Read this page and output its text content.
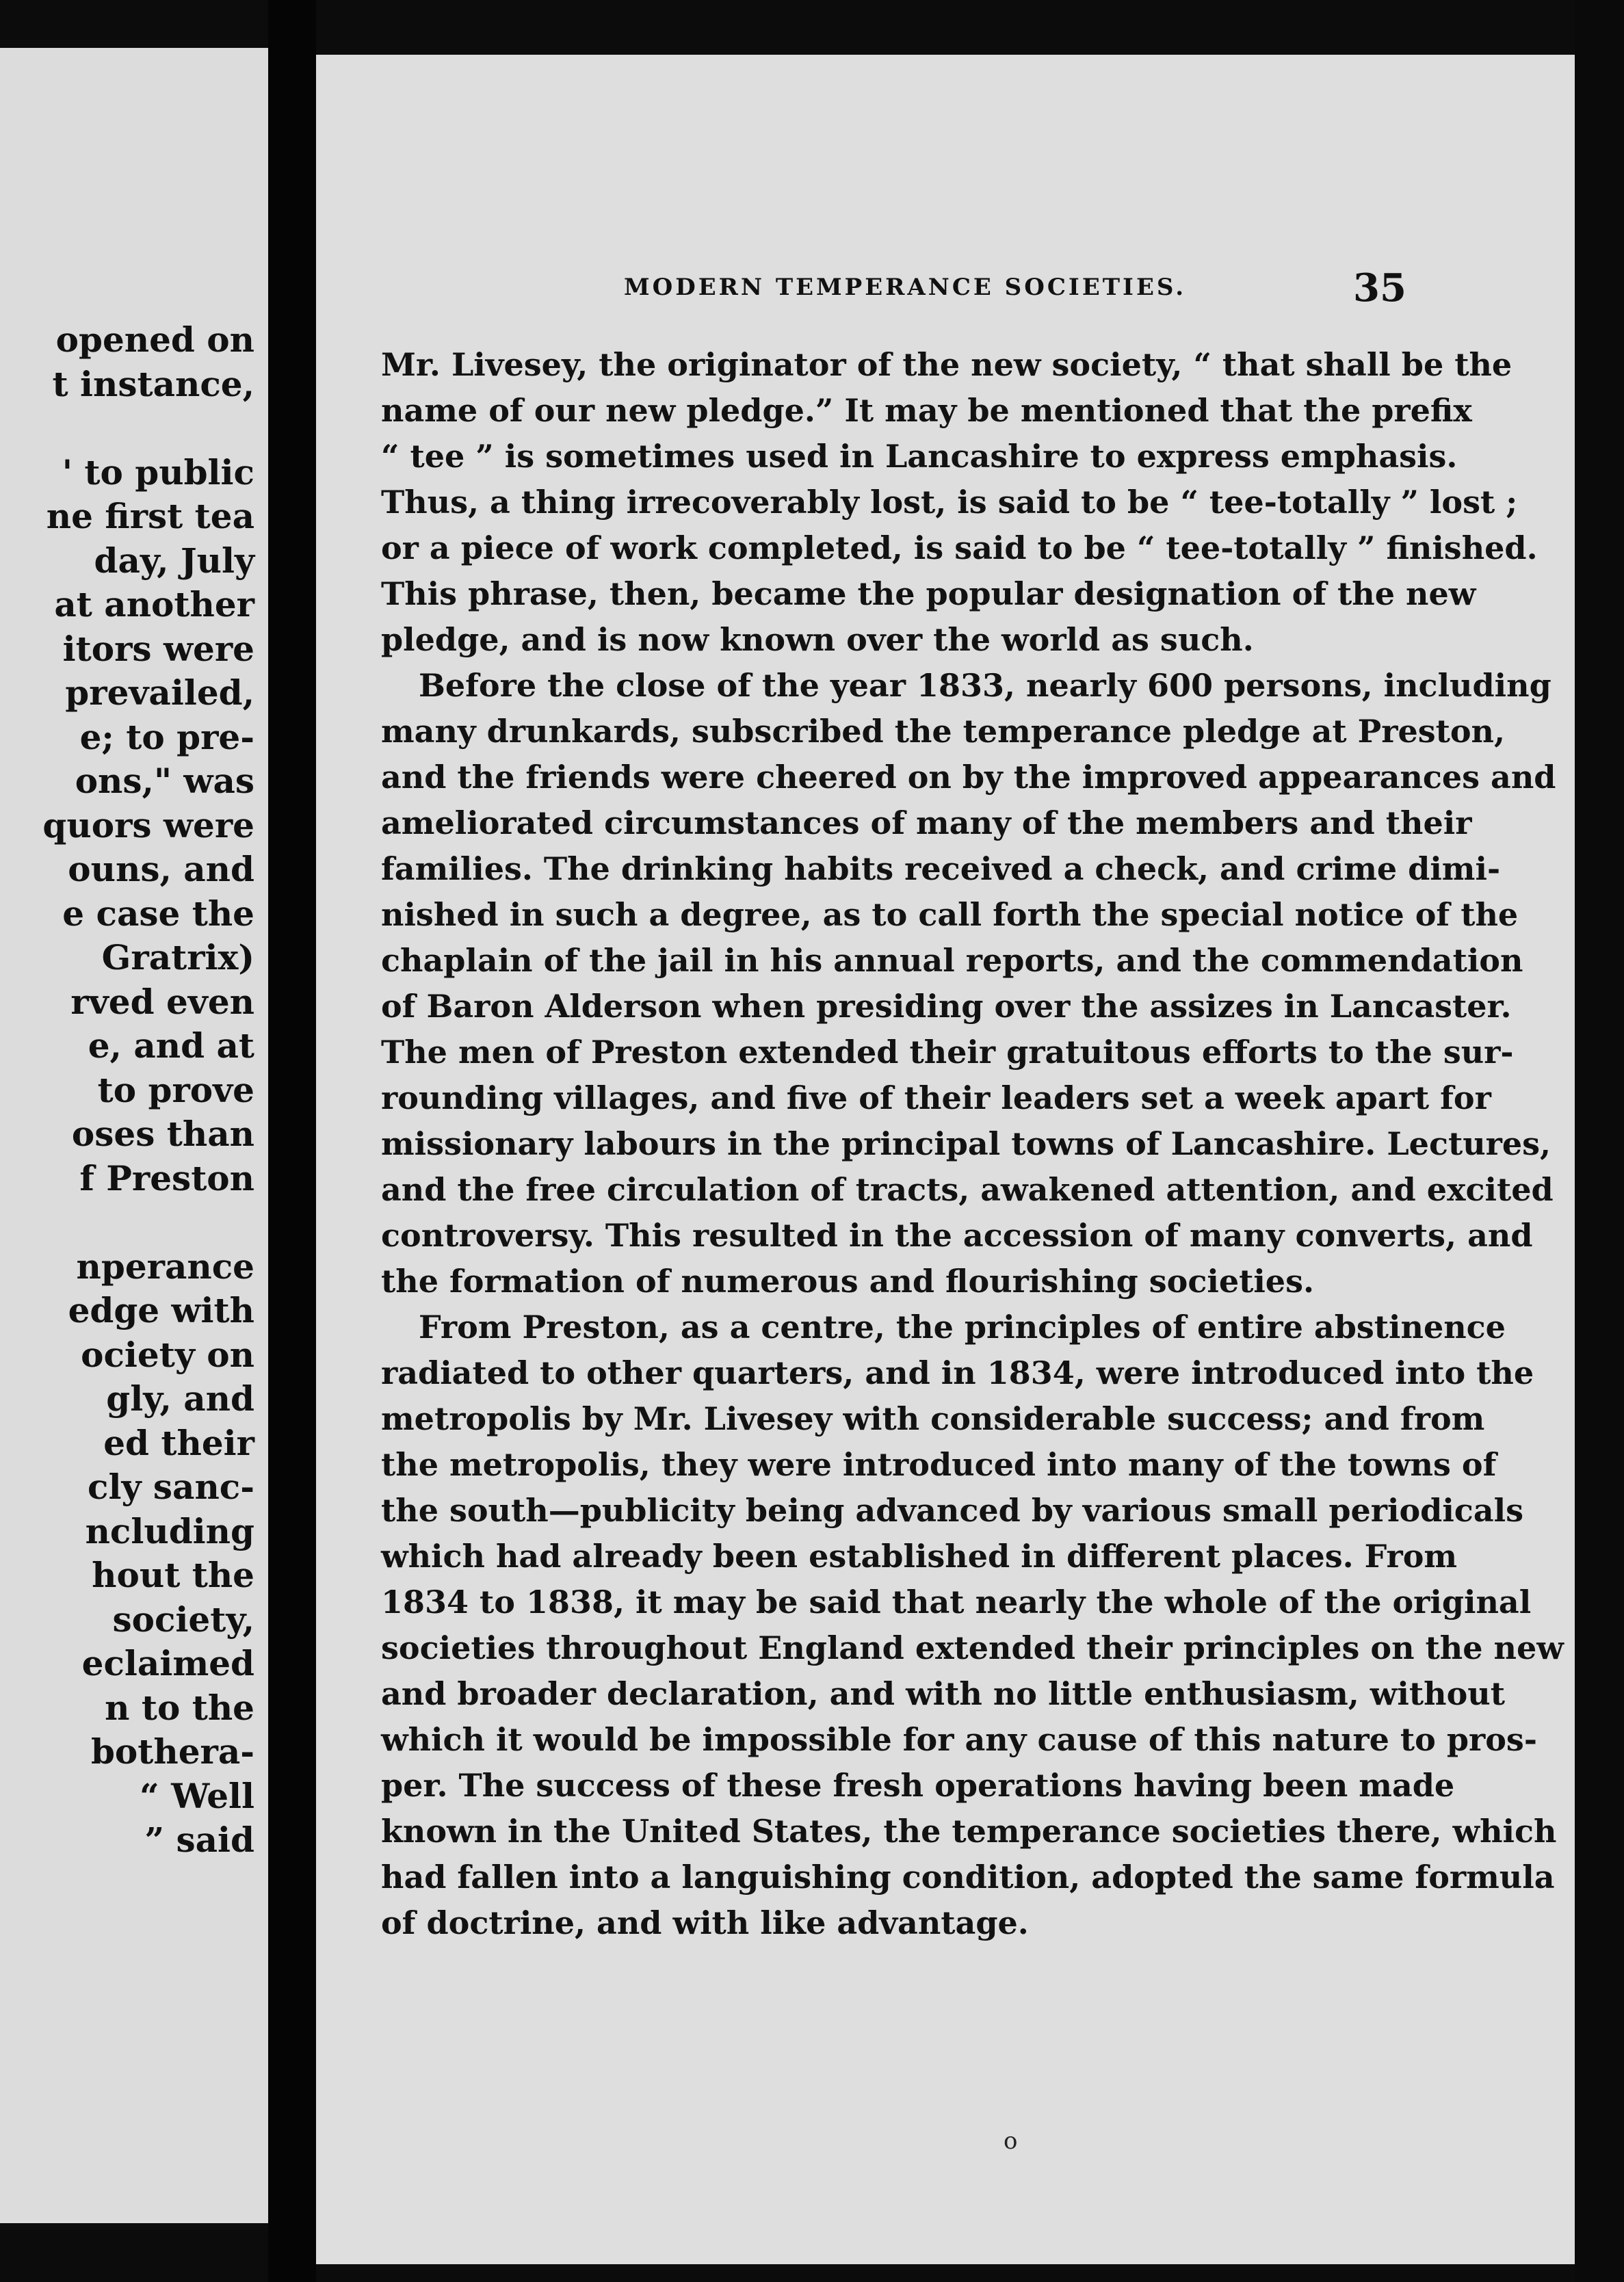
opened on
t instance,
' to public
ne first tea
day, July
at another
itors were
prevailed,
e; to pre-
ons," was
quors were
ouns, and
e case the
Gratrix)
rved even
e, and at
to prove
oses than
f Preston
nperance
edge with
ociety on
gly, and
ed their
cly sanc-
ncluding
hout the
society,
eclaimed
n to the
bothera-
“ Well
” said
MODERN TEMPERANCE SOCIETIES.	35
Mr. Livesey, the originator of the new society, “ that shall be the
name of our new pledge.” It may be mentioned that the prefix
“ tee ” is sometimes used in Lancashire to express emphasis.
Thus, a thing irrecoverably lost, is said to be “ tee-totally ” lost ;
or a piece of work completed, is said to be “ tee-totally ” finished.
This phrase, then, became the popular designation of the new
pledge, and is now known over the world as such.
Before the close of the year 1833, nearly 600 persons, including
many drunkards, subscribed the temperance pledge at Preston,
and the friends were cheered on by the improved appearances and
ameliorated circumstances of many of the members and their
families. The drinking habits received a check, and crime dimi-
nished in such a degree, as to call forth the special notice of the
chaplain of the jail in his annual reports, and the commendation
of Baron Alderson when presiding over the assizes in Lancaster.
The men of Preston extended their gratuitous efforts to the sur-
rounding villages, and five of their leaders set a week apart for
missionary labours in the principal towns of Lancashire. Lectures,
and the free circulation of tracts, awakened attention, and excited
controversy. This resulted in the accession of many converts, and
the formation of numerous and flourishing societies.
From Preston, as a centre, the principles of entire abstinence
radiated to other quarters, and in 1834, were introduced into the
metropolis by Mr. Livesey with considerable success; and from
the metropolis, they were introduced into many of the towns of
the south—publicity being advanced by various small periodicals
which had already been established in different places. From
1834 to 1838, it may be said that nearly the whole of the original
societies throughout England extended their principles on the new
and broader declaration, and with no little enthusiasm, without
which it would be impossible for any cause of this nature to pros-
per. The success of these fresh operations having been made
known in the United States, the temperance societies there, which
had fallen into a languishing condition, adopted the same formula
of doctrine, and with like advantage.
o
